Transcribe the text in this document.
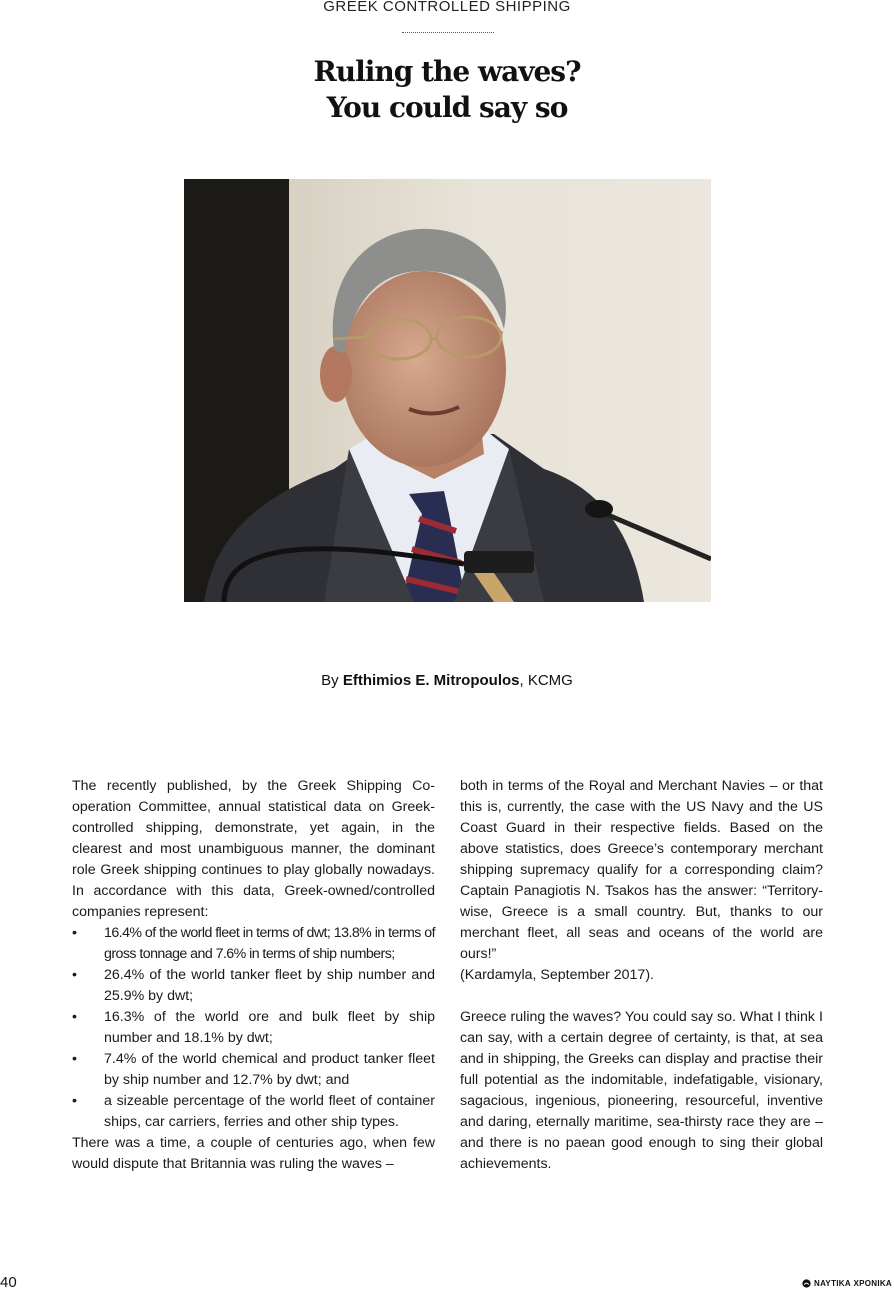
GREEK CONTROLLED SHIPPING
Ruling the waves?
You could say so
By Efthimios E. Mitropoulos, KCMG

The recently published, by the Greek Shipping Co-operation Committee, annual statistical data on Greek-controlled shipping, demonstrate, yet again, in the clearest and most unambiguous manner, the dominant role Greek shipping continues to play globally nowadays. In accordance with this data, Greek-owned/controlled companies represent:

• 16.4% of the world fleet in terms of dwt; 13.8% in terms of gross tonnage and 7.6% in terms of ship numbers;
• 26.4% of the world tanker fleet by ship number and 25.9% by dwt;
• 16.3% of the world ore and bulk fleet by ship number and 18.1% by dwt;
• 7.4% of the world chemical and product tanker fleet by ship number and 12.7% by dwt; and
• a sizeable percentage of the world fleet of container ships, car carriers, ferries and other ship types.

There was a time, a couple of centuries ago, when few would dispute that Britannia was ruling the waves –

both in terms of the Royal and Merchant Navies – or that this is, currently, the case with the US Navy and the US Coast Guard in their respective fields. Based on the above statistics, does Greece’s contemporary merchant shipping supremacy qualify for a corresponding claim? Captain Panagiotis N. Tsakos has the answer: “Territory-wise, Greece is a small country. But, thanks to our merchant fleet, all seas and oceans of the world are ours!”

(Kardamyla, September 2017).

Greece ruling the waves? You could say so. What I think I can say, with a certain degree of certainty, is that, at sea and in shipping, the Greeks can display and practise their full potential as the indomitable, indefatigable, visionary, sagacious, ingenious, pioneering, resourceful, inventive and daring, eternally maritime, sea-thirsty race they are – and there is no paean good enough to sing their global achievements.

40	ΝΑΥΤΙΚΑ ΧΡΟΝΙΚΑ
